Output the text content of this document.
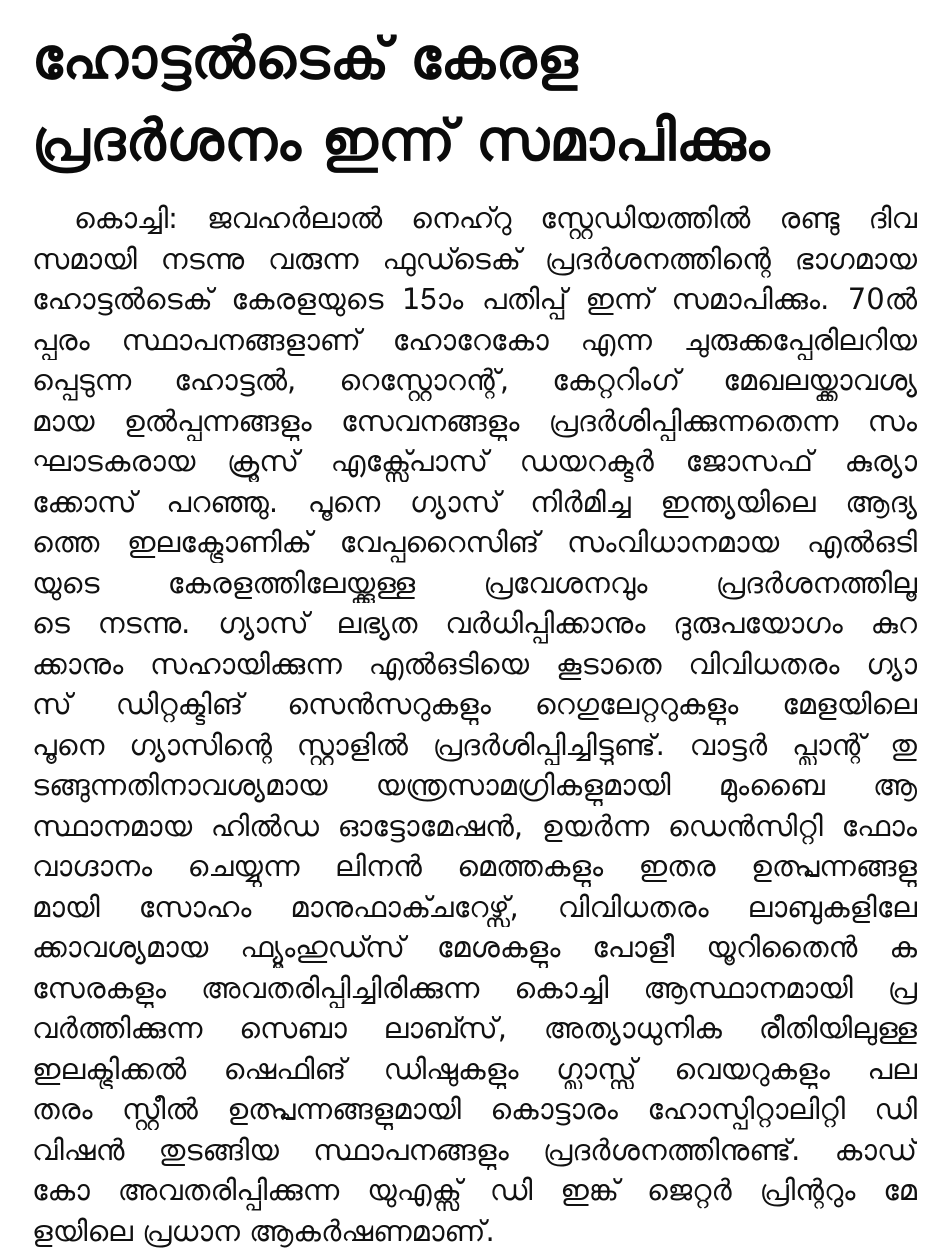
ഹോട്ടൽടെക് കേരള
പ്രദർശനം ഇന്ന് സമാപിക്കും
കൊച്ചി: ജവഹർലാൽ നെഹ്റു സ്റ്റേഡിയത്തിൽ രണ്ടു ദിവ
സമായി നടന്നു വരുന്ന ഫുഡ്ടെക് പ്രദർശനത്തിന്റെ ഭാഗമായ
ഹോട്ടൽടെക് കേരളയുടെ 15ാം പതിപ്പ് ഇന്ന് സമാപിക്കും. 70ൽ
പ്പരം സ്ഥാപനങ്ങളാണ് ഹോറേകോ എന്ന ചുരുക്കപ്പേരിലറിയ
പ്പെടുന്ന ഹോട്ടൽ, റെസ്റ്റോറന്റ്, കേറ്ററിംഗ് മേഖലയ്ക്കാവശ്യ
മായ ഉൽപ്പന്നങ്ങളും സേവനങ്ങളും പ്രദർശിപ്പിക്കുന്നതെന്ന സം
ഘാടകരായ ക്രൂസ് എക്സ്പോസ് ഡയറക്ടർ ജോസഫ് കുര്യാ
ക്കോസ് പറഞ്ഞു. പൂനെ ഗ്യാസ് നിർമിച്ച ഇന്ത്യയിലെ ആദ്യ
ത്തെ ഇലക്ട്രോണിക് വേപ്പറൈസിങ് സംവിധാനമായ എൽഒടി
യുടെ കേരളത്തിലേയ്ക്കുള്ള പ്രവേശനവും പ്രദർശനത്തിലൂ
ടെ നടന്നു. ഗ്യാസ് ലഭ്യത വർധിപ്പിക്കാനും ദുരുപയോഗം കുറ
ക്കാനും സഹായിക്കുന്ന എൽഒടിയെ കൂടാതെ വിവിധതരം ഗ്യാ
സ് ഡിറ്റക്ടിങ് സെൻസറുകളും റെഗുലേറ്ററുകളും മേളയിലെ
പൂനെ ഗ്യാസിന്റെ സ്റ്റാളിൽ പ്രദർശിപ്പിച്ചിട്ടുണ്ട്. വാട്ടർ പ്ലാന്റ് തു
ടങ്ങുന്നതിനാവശ്യമായ യന്ത്രസാമഗ്രികളുമായി മുംബൈ ആ
സ്ഥാനമായ ഹിൽഡ ഓട്ടോമേഷൻ, ഉയർന്ന ഡെൻസിറ്റി ഫോം
വാഗ്ദാനം ചെയ്യുന്ന ലിനൻ മെത്തകളും ഇതര ഉത്പ്പന്നങ്ങളു
മായി സോഹം മാനുഫാക്ചറേഴ്സ്, വിവിധതരം ലാബുകളിലേ
ക്കാവശ്യമായ ഫ്യൂംഹുഡ്സ് മേശകളും പോളീ യൂറിതൈൻ ക
സേരകളും അവതരിപ്പിച്ചിരിക്കുന്ന കൊച്ചി ആസ്ഥാനമായി പ്ര
വർത്തിക്കുന്ന സെബാ ലാബ്സ്, അത്യാധുനിക രീതിയിലുള്ള
ഇലക്ട്രിക്കൽ ഷെഫിങ് ഡിഷുകളും ഗ്ലാസ്സ് വെയറുകളും പല
തരം സ്റ്റീൽ ഉത്പ്പന്നങ്ങളുമായി കൊട്ടാരം ഹോസ്പിറ്റാലിറ്റി ഡി
വിഷൻ തുടങ്ങിയ സ്ഥാപനങ്ങളും പ്രദർശനത്തിനുണ്ട്. കാഡ്
കോ അവതരിപ്പിക്കുന്ന യുഎക്സ് ഡി ഇങ്ക് ജെറ്റർ പ്രിന്ററും മേ
ളയിലെ പ്രധാന ആകർഷണമാണ്.
